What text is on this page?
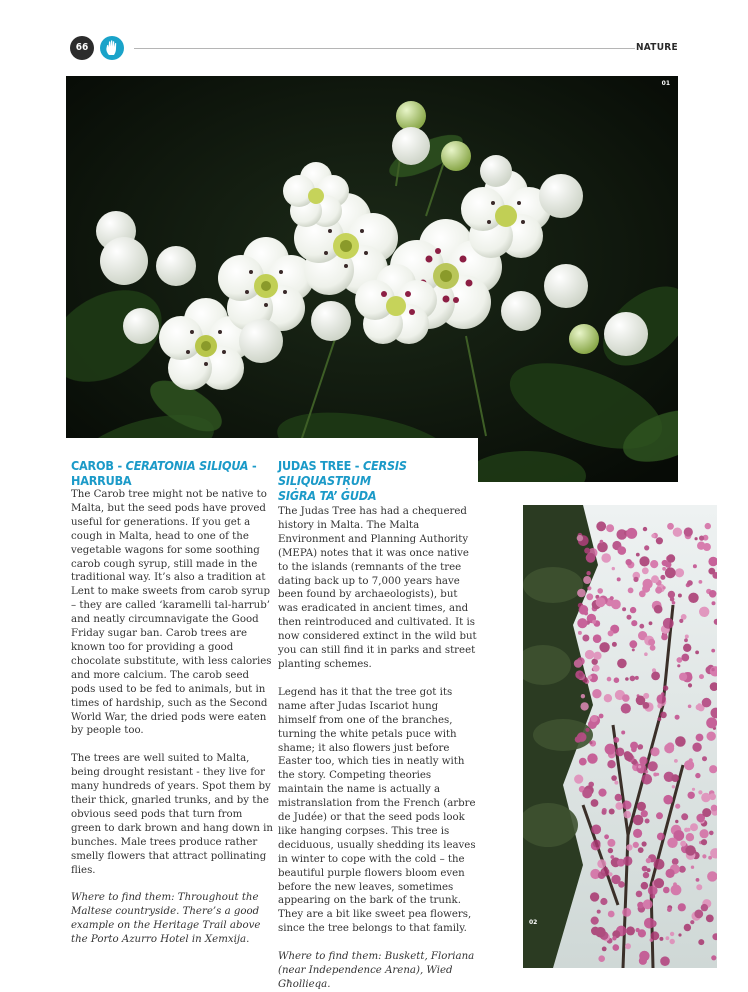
66	NATURE
01
CAROB - CERATONIA SILIQUA - HARRUBA

The Carob tree might not be native to Malta, but the seed pods have proved useful for generations. If you get a cough in Malta, head to one of the vegetable wagons for some soothing carob cough syrup, still made in the traditional way. It’s also a tradition at Lent to make sweets from carob syrup – they are called ‘karamelli tal-harrub’ and neatly circumnavigate the Good Friday sugar ban. Carob trees are known too for providing a good chocolate substitute, with less calories and more calcium. The carob seed pods used to be fed to animals, but in times of hardship, such as the Second World War, the dried pods were eaten by people too.

The trees are well suited to Malta, being drought resistant - they live for many hundreds of years. Spot them by their thick, gnarled trunks, and by the obvious seed pods that turn from green to dark brown and hang down in bunches. Male trees produce rather smelly flowers that attract pollinating flies.

Where to find them: Throughout the Maltese countryside. There’s a good example on the Heritage Trail above the Porto Azurro Hotel in Xemxija.

JUDAS TREE - CERSIS SILIQUASTRUM
SIĠRA TA’ ĠUDA

The Judas Tree has had a chequered history in Malta. The Malta Environment and Planning Authority (MEPA) notes that it was once native to the islands (remnants of the tree dating back up to 7,000 years have been found by archaeologists), but was eradicated in ancient times, and then reintroduced and cultivated. It is now considered extinct in the wild but you can still find it in parks and street planting schemes.

Legend has it that the tree got its name after Judas Iscariot hung himself from one of the branches, turning the white petals puce with shame; it also flowers just before Easter too, which ties in neatly with the story. Competing theories maintain the name is actually a mistranslation from the French (arbre de Judée) or that the seed pods look like hanging corpses. This tree is deciduous, usually shedding its leaves in winter to cope with the cold – the beautiful purple flowers bloom even before the new leaves, sometimes appearing on the bark of the trunk. They are a bit like sweet pea flowers, since the tree belongs to that family.

Where to find them: Buskett, Floriana (near Independence Arena), Wied Għollieqa.

02
